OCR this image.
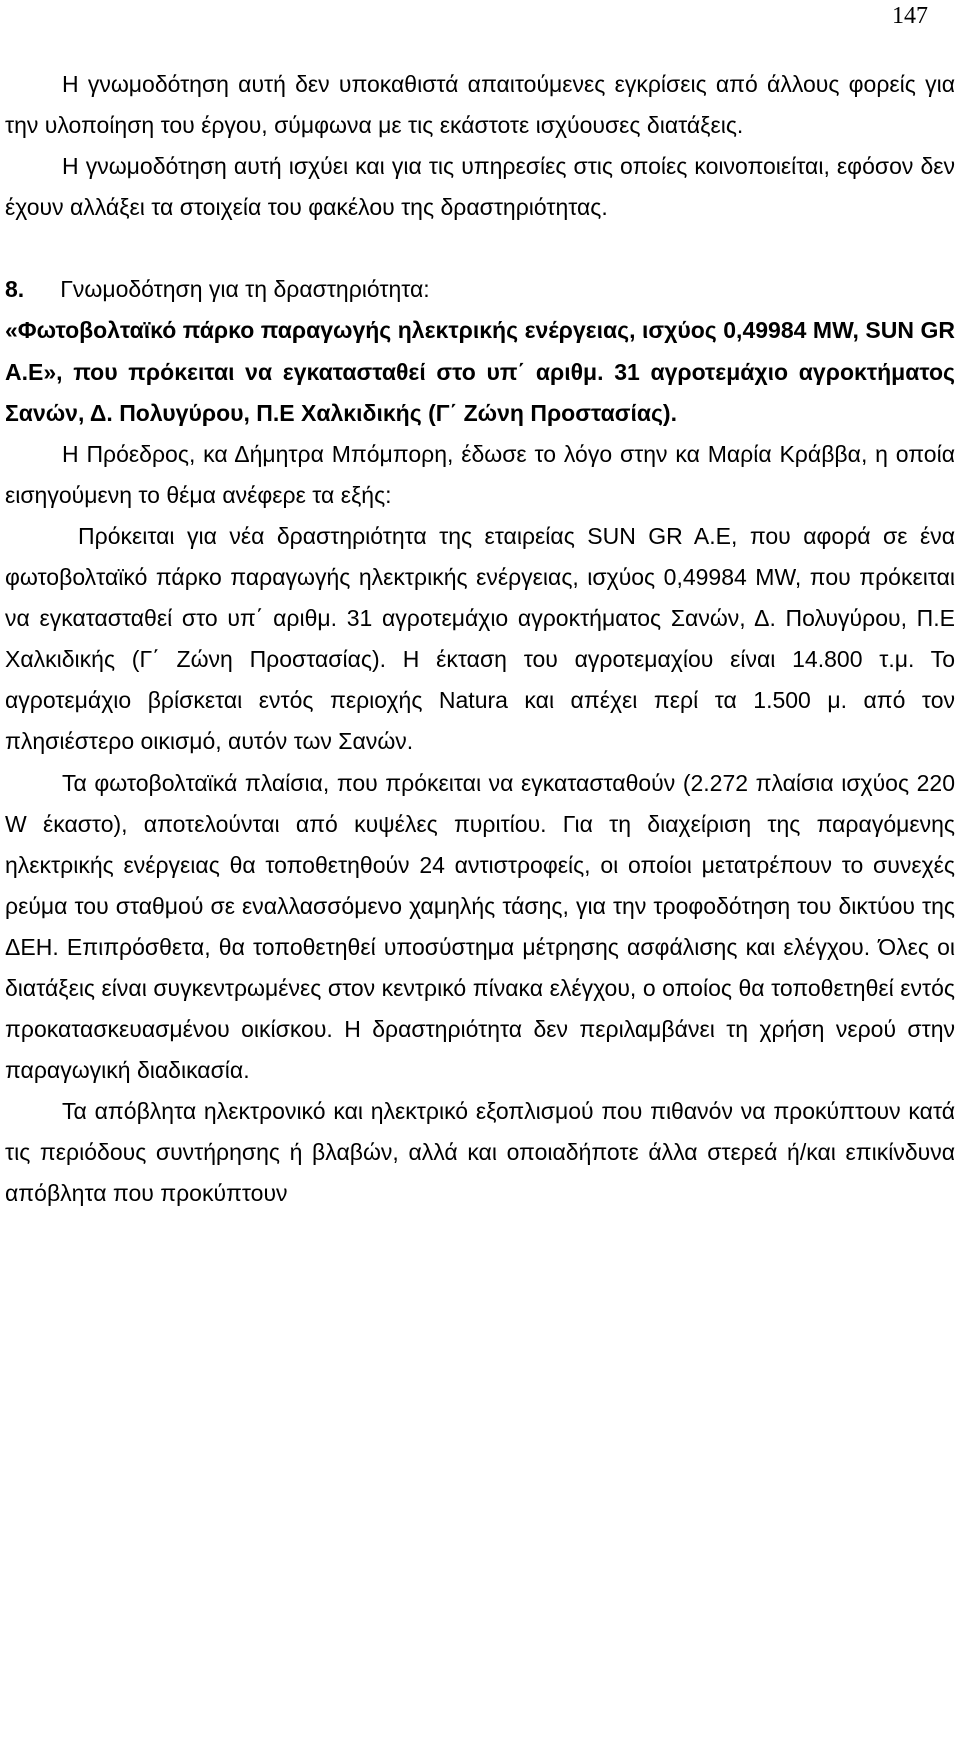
147

Η γνωμοδότηση αυτή δεν υποκαθιστά απαιτούμενες εγκρίσεις από άλλους φορείς για την υλοποίηση του έργου, σύμφωνα με τις εκάστοτε ισχύουσες διατάξεις.

Η γνωμοδότηση αυτή ισχύει και για τις υπηρεσίες στις οποίες κοινοποιείται, εφόσον δεν έχουν αλλάξει τα στοιχεία του φακέλου της δραστηριότητας.

8. Γνωμοδότηση για τη δραστηριότητα:

«Φωτοβολταϊκό πάρκο παραγωγής ηλεκτρικής ενέργειας, ισχύος 0,49984 MW, SUN GR A.E», που πρόκειται να εγκατασταθεί στο υπ΄ αριθμ. 31 αγροτεμάχιο αγροκτήματος Σανών, Δ. Πολυγύρου, Π.Ε Χαλκιδικής (Γ΄ Ζώνη Προστασίας).

Η Πρόεδρος, κα Δήμητρα Μπόμπορη, έδωσε το λόγο στην κα Μαρία Κράββα, η οποία εισηγούμενη το θέμα ανέφερε τα εξής:

Πρόκειται για νέα δραστηριότητα της εταιρείας SUN GR A.E, που αφορά σε ένα φωτοβολταϊκό πάρκο παραγωγής ηλεκτρικής ενέργειας, ισχύος 0,49984 MW, που πρόκειται να εγκατασταθεί στο υπ΄ αριθμ. 31 αγροτεμάχιο αγροκτήματος Σανών, Δ. Πολυγύρου, Π.Ε Χαλκιδικής (Γ΄ Ζώνη Προστασίας). Η έκταση του αγροτεμαχίου είναι 14.800 τ.μ. Το αγροτεμάχιο βρίσκεται εντός περιοχής Natura και απέχει περί τα 1.500 μ. από τον πλησιέστερο οικισμό, αυτόν των Σανών.

Τα φωτοβολταϊκά πλαίσια, που πρόκειται να εγκατασταθούν (2.272 πλαίσια ισχύος 220 W έκαστο), αποτελούνται από κυψέλες πυριτίου. Για τη διαχείριση της παραγόμενης ηλεκτρικής ενέργειας θα τοποθετηθούν 24 αντιστροφείς, οι οποίοι μετατρέπουν το συνεχές ρεύμα του σταθμού σε εναλλασσόμενο χαμηλής τάσης, για την τροφοδότηση του δικτύου της ΔΕΗ. Επιπρόσθετα, θα τοποθετηθεί υποσύστημα μέτρησης ασφάλισης και ελέγχου. Όλες οι διατάξεις είναι συγκεντρωμένες στον κεντρικό πίνακα ελέγχου, ο οποίος θα τοποθετηθεί εντός προκατασκευασμένου οικίσκου. Η δραστηριότητα δεν περιλαμβάνει τη χρήση νερού στην παραγωγική διαδικασία.

Τα απόβλητα ηλεκτρονικό και ηλεκτρικό εξοπλισμού που πιθανόν να προκύπτουν κατά τις περιόδους συντήρησης ή βλαβών, αλλά και οποιαδήποτε άλλα στερεά ή/και επικίνδυνα απόβλητα που προκύπτουν
